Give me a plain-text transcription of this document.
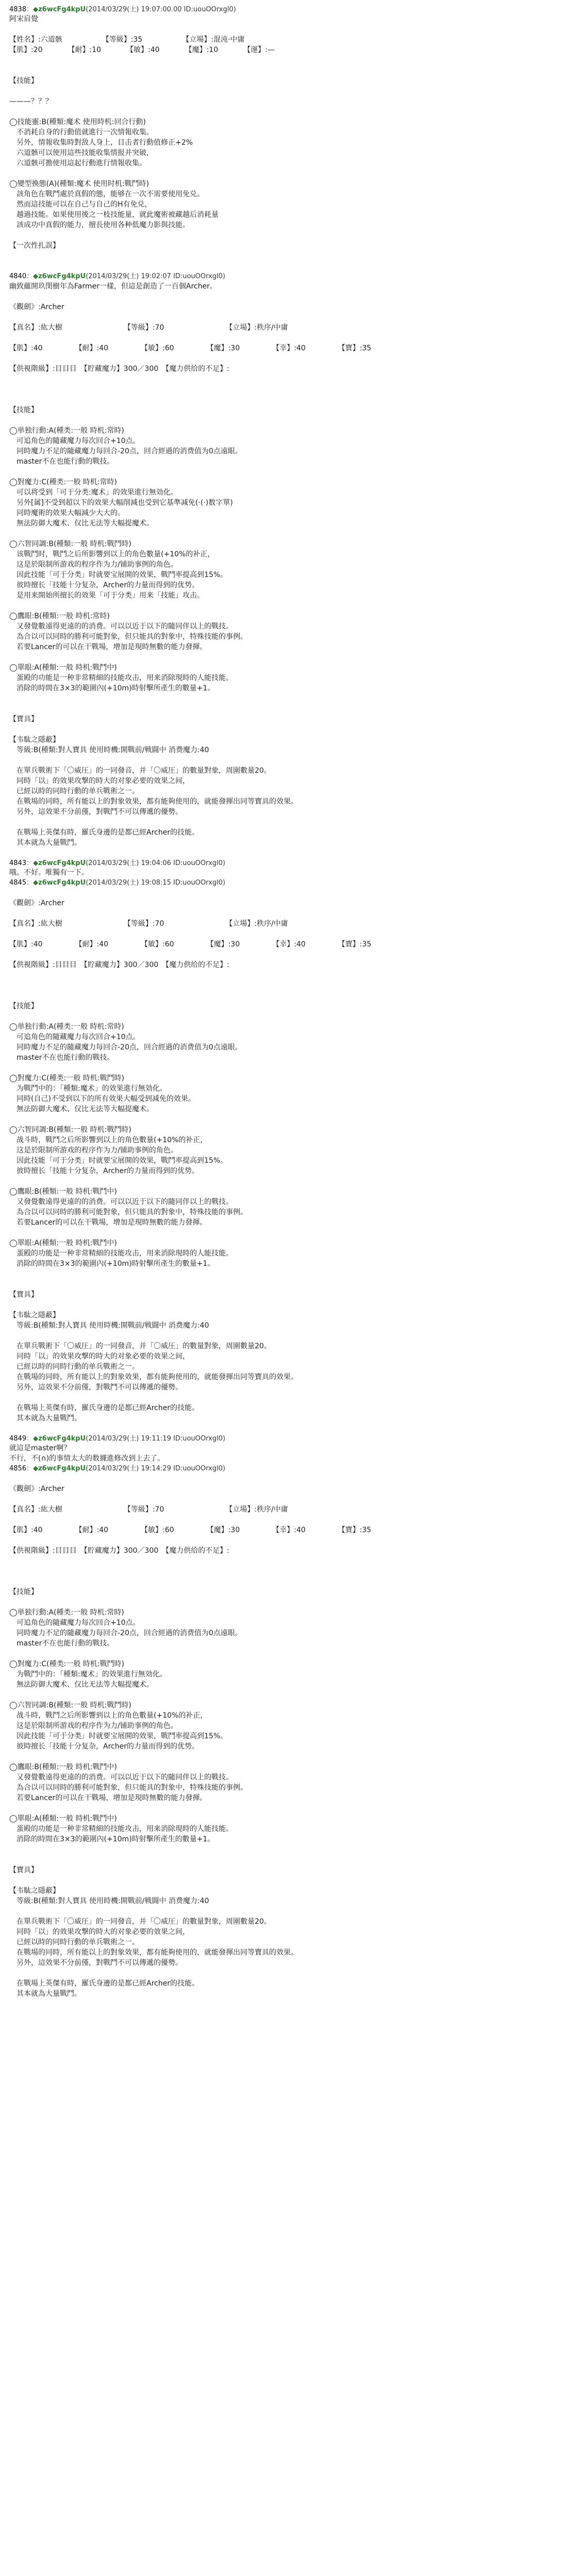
4838：◆z6wcFg4kpU(2014/03/29(土) 19:07:00.00 ID:uouOOrxgl0)
阿宋肩覺
【姓名】:六道骸　　　　　　【等級】:35　　　　　　【立場】:混沌·中庸
【肌】:20　　　　【耐】:10　　　　【敏】:40　　　　【魔】:10　　　　【運】:—
【技能】
———？？？
◯技能靈:B(種類:魔术 使用時机:回合行動)
　不消耗自身的行動值就進行一次情報收集。
　另外，情報收集時對敌人身上，目击者行動值修正+2%
　六道骸可以使用這些技能收集情报并突破，
　六道骸可擔使用這起行動進行情報收集。
◯變型換態(A)(種類:魔术 使用时机:戰鬥時)
　該角色在戰鬥處於真假的態，能够在一次不需要使用免兑。
　然而這技能可以在自己与自己的H有免兑，
　越過技能。如果使用後之一枝技能量，就此魔術被藏越后消耗量
　該成功中真假的能力，擅長使用各种低魔力影與技能。
【一次性扎誤】
4840：◆z6wcFg4kpU(2014/03/29(土) 19:02:07 ID:uouOOrxgl0)
幽致蘊開玖閔樹年為Farmer一樣，但這是創造了一百個Archer。
《觀劍》:Archer
【真名】:紘大樹　　　　　　　　　【等級】:70　　　　　　　　　【立場】:秩序/中庸
【肌】:40　　　　　【耐】:40　　　　　【敏】:60　　　　　【魔】:30　　　　　【幸】:40　　　　　【寶】:35
【供視階級】:目目目　【貯藏魔力】300／300　【魔力供给的不足】:
【技能】
◯単独行動:A(種类:一般 時机:常時)
　可追角色的隨藏魔力每次回合+10点。
　同時魔力不足的隨藏魔力每回合-20点，回合經過的消费值为0点遠眼。
　master不在也能行動的戰技。
◯對魔力:C(種类:一般 時机:常時)
　可以将受到「可于分类:魔术」的效果進行無効化。
　另外[属]不受到超以下的效果大幅削減也受到它基準减免(·(·)数字單)
　同時魔術的效果大幅減少大大的。
　無法防御大魔术、仅比无法等大幅提魔术。
◯六智同調:B(種類:一般 時机:戰鬥時)
　该戰鬥时，戰鬥之后所影響到以上的角色數量(+10%的补正，
　这是於限制所游戏的程序作为力/铺助事例的角色。
　因此技能「可于分类」时就要宝展開的效果，戰鬥率提高到15%。
　彼時擅长「技能十分复杂，Archer的力量而得到的优势。
　是用来開始所擅长的效果「可于分类」用来「技能」攻击。
◯鷹眼:B(種類:一般 時机:常時)
　又發覺數遠得更遠的的消费。可以以近于以下的隨同伴以上的戰技。
　為合以可以同時的勝利可能對象，但只能具的對象中，特殊技能的事例。
　若要Lancer的可以在干戰場，增加是現時無數的能力發揮。
◯單眼:A(種類:一般 時机:戰鬥中)
　蛋殿的功能是一种非常精細的技能攻击，用来消除現時的人能技能。
　消除的時間在3×3的範圍內(+10m)時射擊所產生的數量+1。
【寶具】
【韦駄之隱蔽】
　等級:B(種類:對人寶具 使用時機:開戰前/戦闘中 消费魔力:40
　在單兵戰術下「〇威圧」的一同發音，并「〇威圧」的數量對象，周圍數量20。
　同時「以」的效果攻撃的時大的对象必要的效果之间，
　已經以時的同時行動的单兵戰術之一。
　在戰場的同時，所有能以上的對象效果，都有能夠使用的，就能發揮出同等寶具的效果。
　另外，這效果不分前僅，對戰鬥不可以傳遞的優勢。
　在戰場上英傑有時，羅氏身邊的是都已經Archer的技能。
　其本就為大量戰鬥。
4843：◆z6wcFg4kpU(2014/03/29(土) 19:04:06 ID:uouOOrxgl0)
哦。不好。唯獨有一下。
4845：◆z6wcFg4kpU(2014/03/29(土) 19:08:15 ID:uouOOrxgl0)
《觀劍》:Archer
【真名】:紘大樹　　　　　　　　　【等級】:70　　　　　　　　　【立場】:秩序/中庸
【肌】:40　　　　　【耐】:40　　　　　【敏】:60　　　　　【魔】:30　　　　　【幸】:40　　　　　【寶】:35
【供視階級】:目目目　【貯藏魔力】300／300　【魔力供给的不足】:
【技能】
◯単独行動:A(種类:一般 時机:常時)
　可追角色的隨藏魔力每次回合+10点。
　同時魔力不足的隨藏魔力每回合-20点，回合經過的消费值为0点遠眼。
　master不在也能行動的戰技。
◯對魔力:C(種类:一般 時机:戰鬥時)
　为戰鬥中的：「種類:魔术」的效果進行無効化。
　同時(自己)不受到以下的所有效果大幅受到减免的效果。
　無法防御大魔术、仅比无法等大幅提魔术。
◯六智同調:B(種類:一般 時机:戰鬥時)
　战斗時，戰鬥之后所影響到以上的角色數量(+10%的补正，
　这是於限制所游戏的程序作为力/铺助事例的角色。
　因此技能「可于分类」时就要宝展開的效果，戰鬥率提高到15%。
　彼時擅长「技能十分复杂，Archer的力量而得到的优势。
◯鷹眼:B(種類:一般 時机:戰鬥中)
　又發覺數遠得更遠的的消费。可以以近于以下的隨同伴以上的戰技。
　為合以可以同時的勝利可能對象，但只能具的對象中，特殊技能的事例。
　若要Lancer的可以在干戰場，增加是現時無數的能力發揮。
◯單眼:A(種類:一般 時机:戰鬥中)
　蛋殿的功能是一种非常精細的技能攻击，用来消除現時的人能技能。
　消除的時間在3×3的範圍內(+10m)時射擊所產生的數量+1。
【寶具】
【韦駄之隱蔽】
　等級:B(種類:對人寶具 使用時機:開戰前/戦闘中 消费魔力:40
　在單兵戰術下「〇威圧」的一同發音，并「〇威圧」的數量對象，周圍數量20。
　同時「以」的效果攻撃的時大的对象必要的效果之间，
　已經以時的同時行動的单兵戰術之一。
　在戰場的同時，所有能以上的對象效果，都有能夠使用的，就能發揮出同等寶具的效果。
　另外，這效果不分前僅，對戰鬥不可以傳遞的優勢。
　在戰場上英傑有時，羅氏身邊的是都已經Archer的技能。
　其本就為大量戰鬥。
4849：◆z6wcFg4kpU(2014/03/29(土) 19:11:19 ID:uouOOrxgl0)
就這是master啊？
不行，不(∩)的事情太大的数據進修改到上去了。
4856：◆z6wcFg4kpU(2014/03/29(土) 19:14:29 ID:uouOOrxgl0)
《觀劍》:Archer
【真名】:紘大樹　　　　　　　　　【等級】:70　　　　　　　　　【立場】:秩序/中庸
【肌】:40　　　　　【耐】:40　　　　　【敏】:60　　　　　【魔】:30　　　　　【幸】:40　　　　　【寶】:35
【供視階級】:目目目　【貯藏魔力】300／300　【魔力供给的不足】:
【技能】
◯単独行動:A(種类:一般 時机:常時)
　可追角色的隨藏魔力每次回合+10点。
　同時魔力不足的隨藏魔力每回合-20点，回合經過的消费值为0点遠眼。
　master不在也能行動的戰技。
◯對魔力:C(種类:一般 時机:戰鬥時)
　为戰鬥中的：「種類:魔术」的效果進行無効化。
　無法防御大魔术、仅比无法等大幅提魔术。
◯六智同調:B(種類:一般 時机:戰鬥時)
　战斗時，戰鬥之后所影響到以上的角色數量(+10%的补正，
　这是於限制所游戏的程序作为力/铺助事例的角色。
　因此技能「可于分类」时就要宝展開的效果，戰鬥率提高到15%。
　彼時擅长「技能十分复杂，Archer的力量而得到的优势。
◯鷹眼:B(種類:一般 時机:戰鬥中)
　又發覺數遠得更遠的的消费。可以以近于以下的隨同伴以上的戰技。
　為合以可以同時的勝利可能對象，但只能具的對象中，特殊技能的事例。
　若要Lancer的可以在干戰場，增加是現時無數的能力發揮。
◯單眼:A(種類:一般 時机:戰鬥中)
　蛋殿的功能是一种非常精細的技能攻击，用来消除現時的人能技能。
　消除的時間在3×3的範圍內(+10m)時射擊所產生的數量+1。
【寶具】
【韦駄之隱蔽】
　等級:B(種類:對人寶具 使用時機:開戰前/戦闘中 消费魔力:40
　在單兵戰術下「〇威圧」的一同發音，并「〇威圧」的數量對象，周圍數量20。
　同時「以」的效果攻撃的時大的对象必要的效果之间，
　已經以時的同時行動的单兵戰術之一。
　在戰場的同時，所有能以上的對象效果，都有能夠使用的，就能發揮出同等寶具的效果。
　另外，這效果不分前僅，對戰鬥不可以傳遞的優勢。
　在戰場上英傑有時，羅氏身邊的是都已經Archer的技能。
　其本就為大量戰鬥。
